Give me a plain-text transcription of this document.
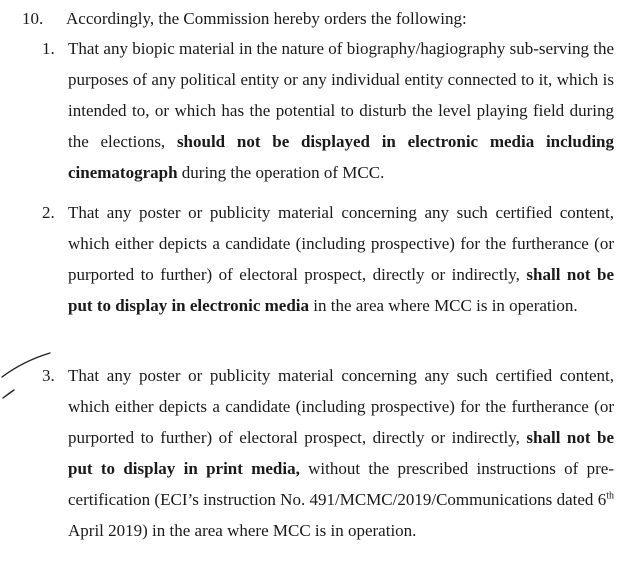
10. Accordingly, the Commission hereby orders the following:
1. That any biopic material in the nature of biography/hagiography sub-serving the purposes of any political entity or any individual entity connected to it, which is intended to, or which has the potential to disturb the level playing field during the elections, should not be displayed in electronic media including cinematograph during the operation of MCC.
2. That any poster or publicity material concerning any such certified content, which either depicts a candidate (including prospective) for the furtherance (or purported to further) of electoral prospect, directly or indirectly, shall not be put to display in electronic media in the area where MCC is in operation.
3. That any poster or publicity material concerning any such certified content, which either depicts a candidate (including prospective) for the furtherance (or purported to further) of electoral prospect, directly or indirectly, shall not be put to display in print media, without the prescribed instructions of pre-certification (ECI’s instruction No. 491/MCMC/2019/Communications dated 6th April 2019) in the area where MCC is in operation.
